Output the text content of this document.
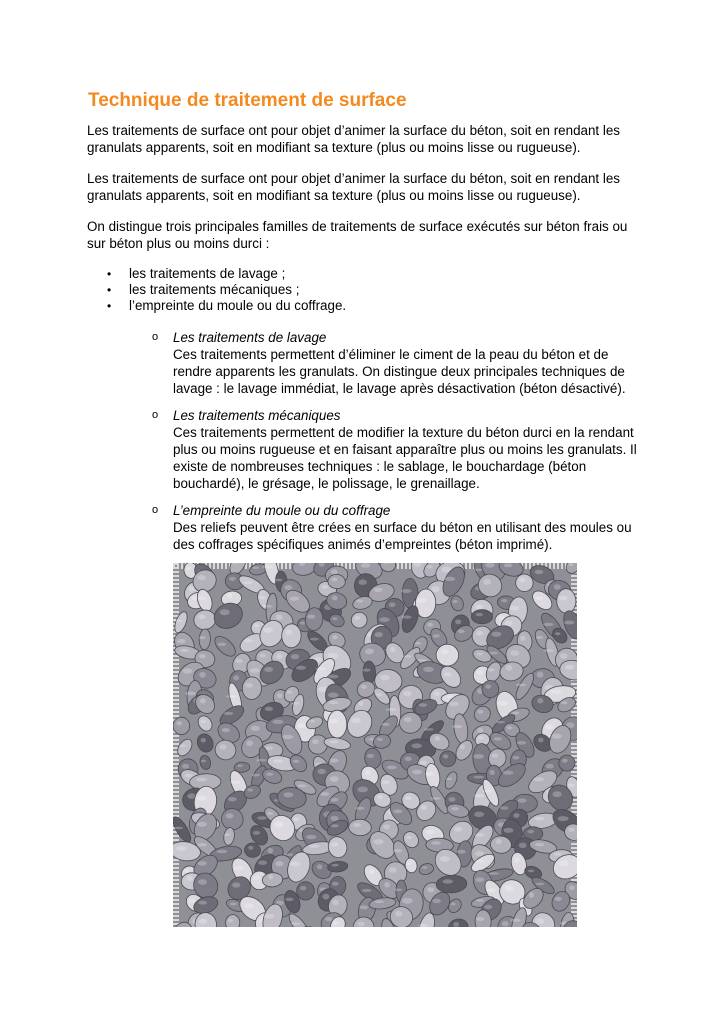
Technique de traitement de surface

Les traitements de surface ont pour objet d’animer la surface du béton, soit en rendant les granulats apparents, soit en modifiant sa texture (plus ou moins lisse ou rugueuse).

Les traitements de surface ont pour objet d’animer la surface du béton, soit en rendant les granulats apparents, soit en modifiant sa texture (plus ou moins lisse ou rugueuse).

On distingue trois principales familles de traitements de surface exécutés sur béton frais ou sur béton plus ou moins durci :

• les traitements de lavage ;
• les traitements mécaniques ;
• l’empreinte du moule ou du coffrage.
o Les traitements de lavage

Ces traitements permettent d’éliminer le ciment de la peau du béton et de rendre apparents les granulats. On distingue deux principales techniques de lavage : le lavage immédiat, le lavage après désactivation (béton désactivé).

o Les traitements mécaniques

Ces traitements permettent de modifier la texture du béton durci en la rendant plus ou moins rugueuse et en faisant apparaître plus ou moins les granulats. Il existe de nombreuses techniques : le sablage, le bouchardage (béton bouchardé), le grésage, le polissage, le grenaillage.

o L’empreinte du moule ou du coffrage

Des reliefs peuvent être crées en surface du béton en utilisant des moules ou des coffrages spécifiques animés d’empreintes (béton imprimé).
